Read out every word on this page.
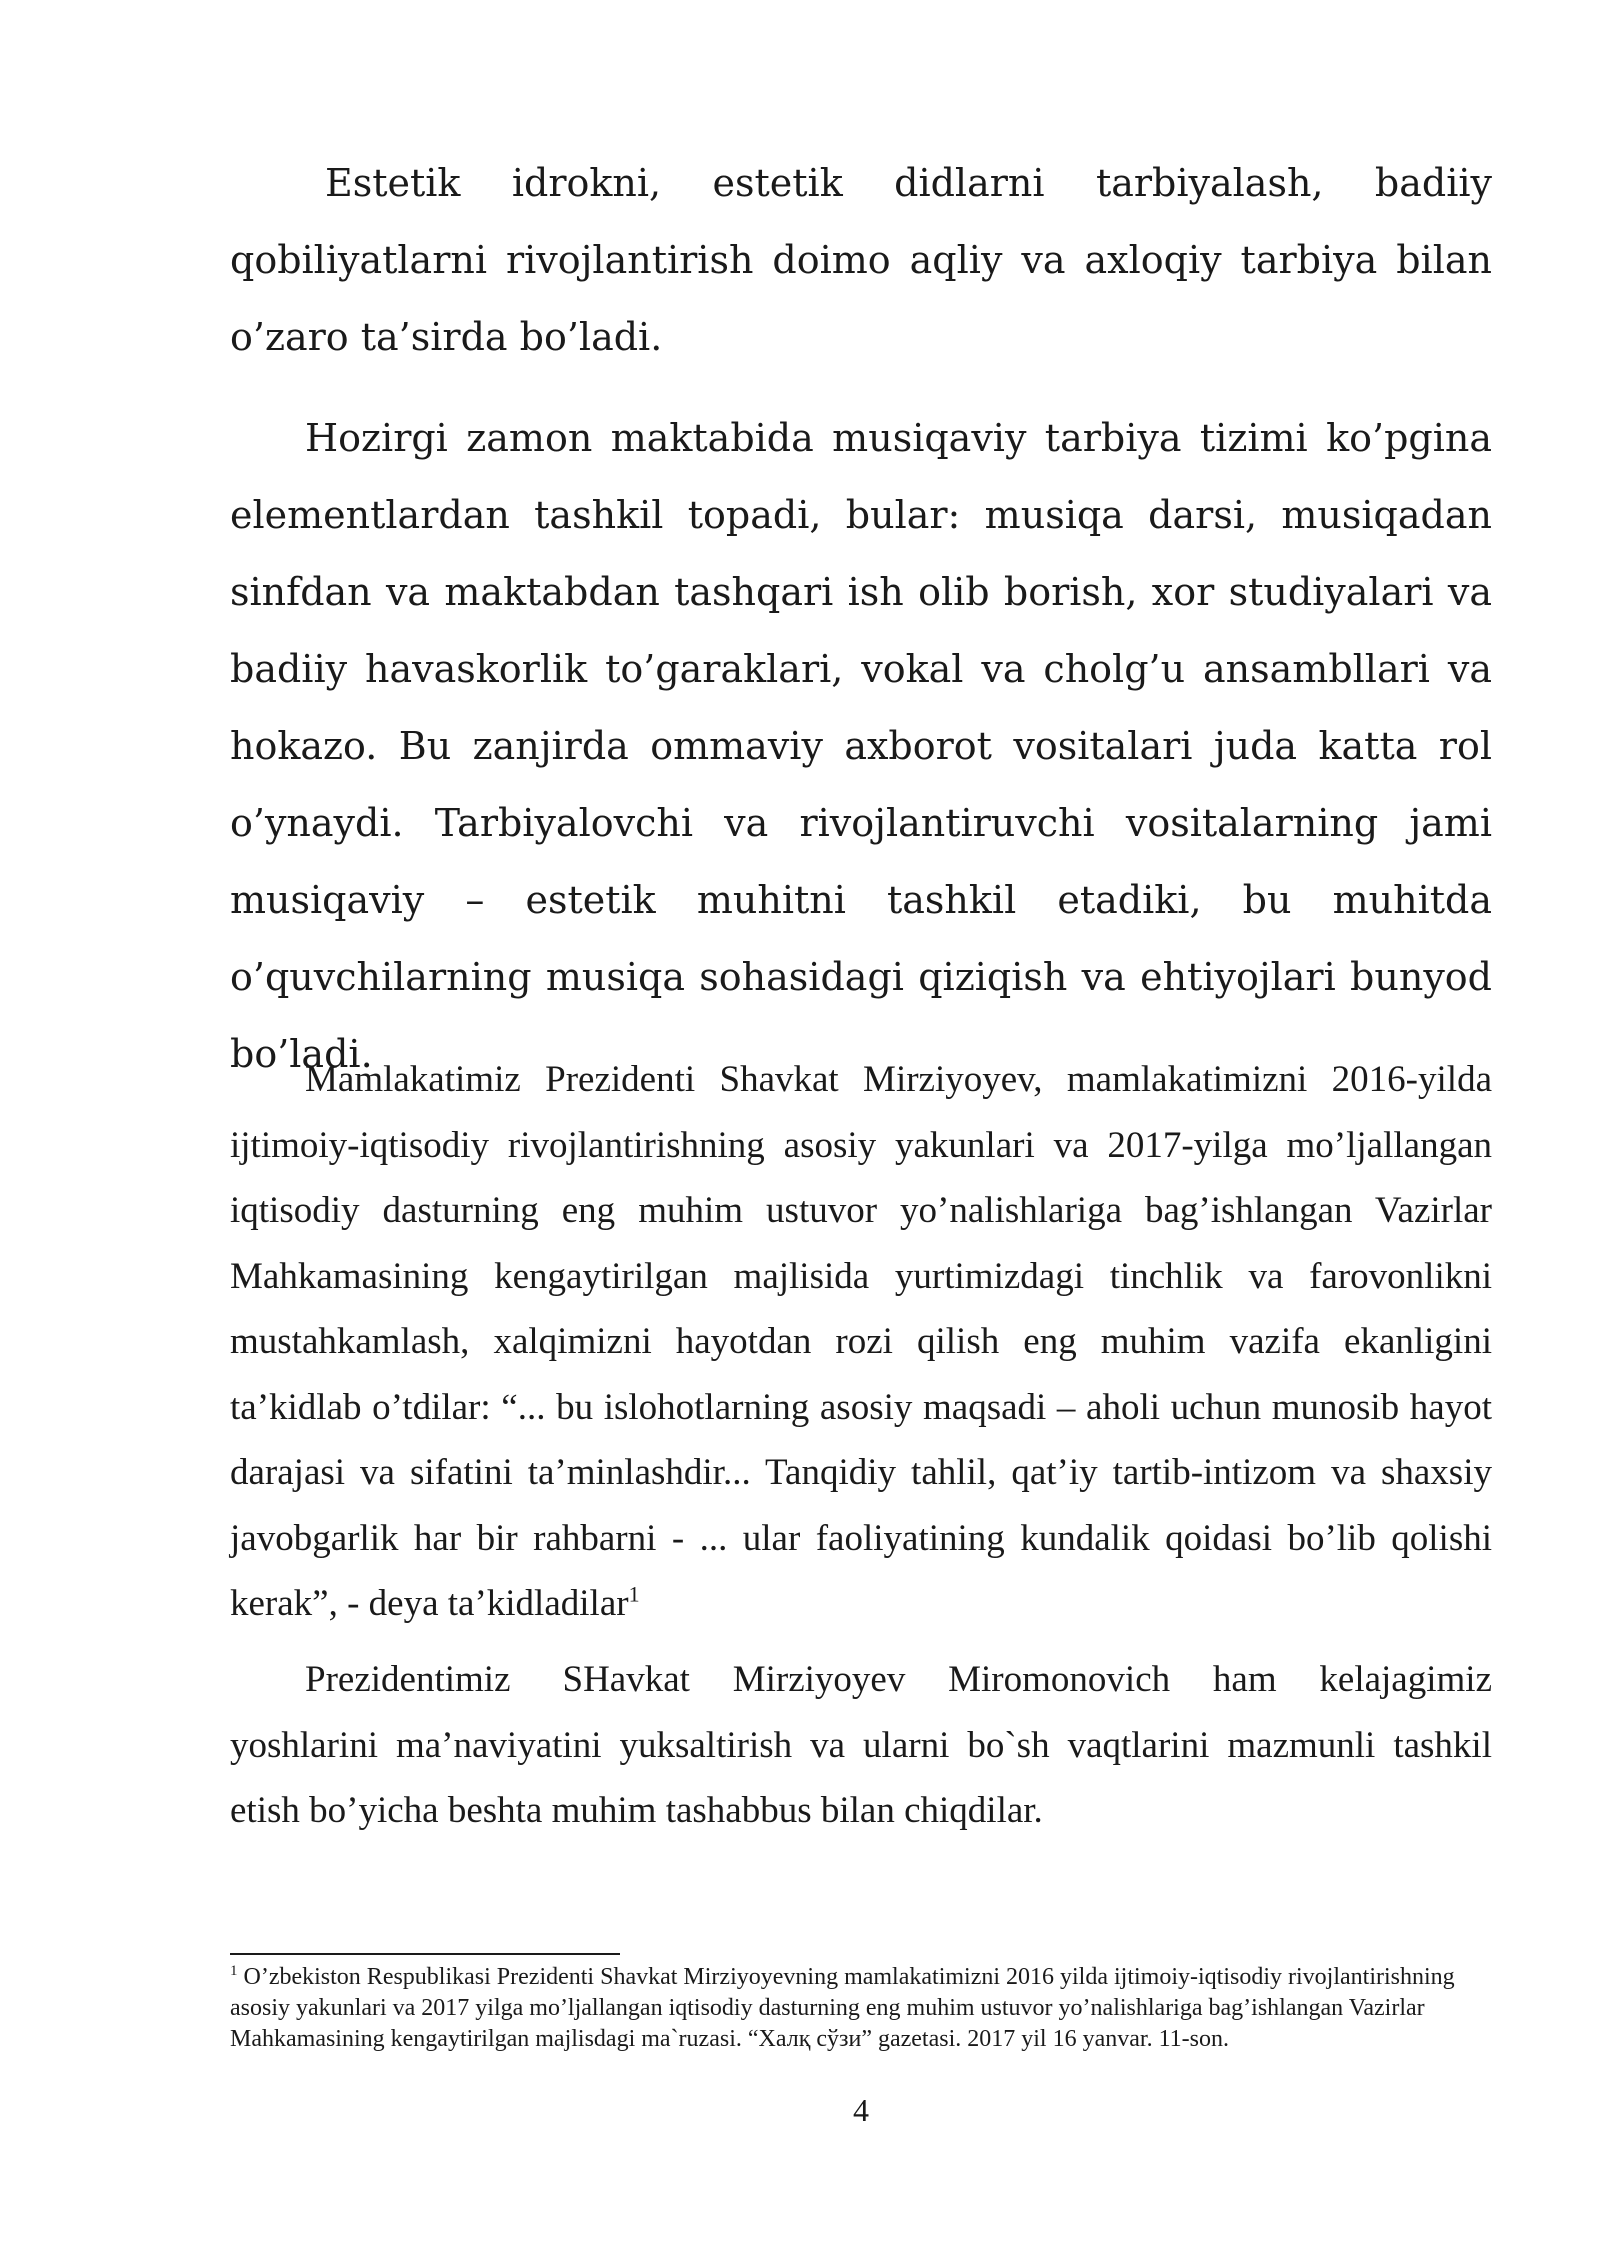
Estetik idrokni, estetik didlarni tarbiyalash, badiiy qobiliyatlarni rivojlantirish doimo aqliy va axloqiy tarbiya bilan o’zaro ta’sirda bo’ladi.

Hozirgi zamon maktabida musiqaviy tarbiya tizimi ko’pgina elementlardan tashkil topadi, bular: musiqa darsi, musiqadan sinfdan va maktabdan tashqari ish olib borish, xor studiyalari va badiiy havaskorlik to’garaklari, vokal va cholg’u ansambllari va hokazo. Bu zanjirda ommaviy axborot vositalari juda katta rol o’ynaydi. Tarbiyalovchi va rivojlantiruvchi vositalarning jami musiqaviy – estetik muhitni tashkil etadiki, bu muhitda o’quvchilarning musiqa sohasidagi qiziqish va ehtiyojlari bunyod bo’ladi.

Mamlakatimiz Prezidenti Shavkat Mirziyoyev, mamlakatimizni 2016-yilda ijtimoiy-iqtisodiy rivojlantirishning asosiy yakunlari va 2017-yilga mo’ljallangan iqtisodiy dasturning eng muhim ustuvor yo’nalishlariga bag’ishlangan Vazirlar Mahkamasining kengaytirilgan majlisida yurtimizdagi tinchlik va farovonlikni mustahkamlash, xalqimizni hayotdan rozi qilish eng muhim vazifa ekanligini ta’kidlab o’tdilar: “... bu islohotlarning asosiy maqsadi – aholi uchun munosib hayot darajasi va sifatini ta’minlashdir... Tanqidiy tahlil, qat’iy tartib-intizom va shaxsiy javobgarlik har bir rahbarni - ... ular faoliyatining kundalik qoidasi bo’lib qolishi kerak”, - deya ta’kidladilar$^1$

Prezidentimiz SHavkat Mirziyoyev Miromonovich ham kelajagimiz yoshlarini ma’naviyatini yuksaltirish va ularni bo`sh vaqtlarini mazmunli tashkil etish bo’yicha beshta muhim tashabbus bilan chiqdilar.

$^1$ O’zbekiston Respublikasi Prezidenti Shavkat Mirziyoyevning mamlakatimizni 2016 yilda ijtimoiy-iqtisodiy rivojlantirishning asosiy yakunlari va 2017 yilga mo’ljallangan iqtisodiy dasturning eng muhim ustuvor yo’nalishlariga bag’ishlangan Vazirlar Mahkamasining kengaytirilgan majlisdagi ma`ruzasi. “Халқ сўзи” gazetasi. 2017 yil 16 yanvar. 11-son.

4
